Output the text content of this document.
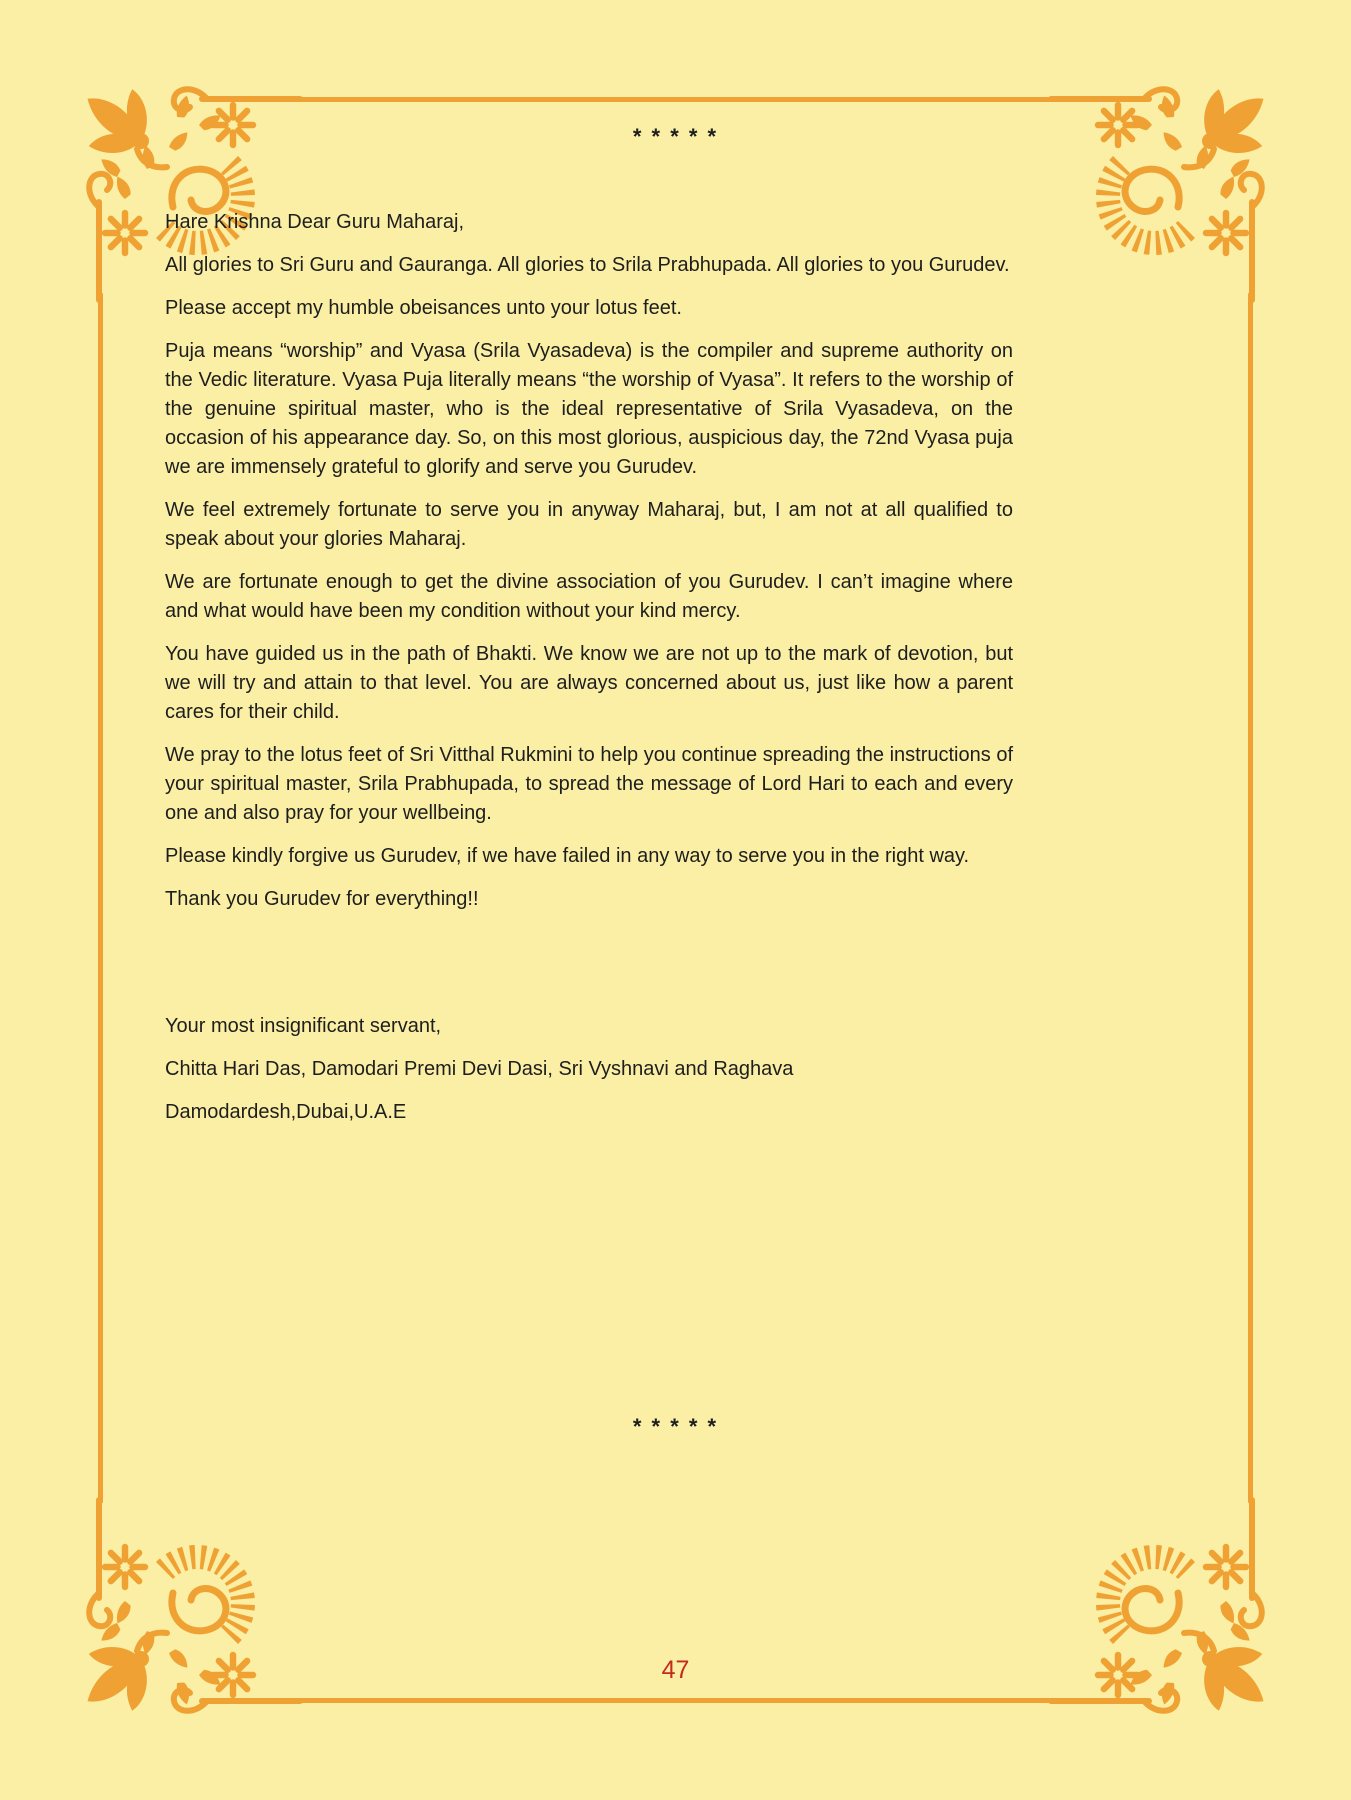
* * * * *

Hare Krishna Dear Guru Maharaj,

All glories to Sri Guru and Gauranga. All glories to Srila Prabhupada. All glories to you Gurudev.

Please accept my humble obeisances unto your lotus feet.

Puja means “worship” and Vyasa (Srila Vyasadeva) is the compiler and supreme authority on the Vedic literature. Vyasa Puja literally means “the worship of Vyasa”. It refers to the worship of the genuine spiritual master, who is the ideal representative of Srila Vyasadeva, on the occasion of his appearance day. So, on this most glorious, auspicious day, the 72nd Vyasa puja we are immensely grateful to glorify and serve you Gurudev.

We feel extremely fortunate to serve you in anyway Maharaj, but, I am not at all qualified to speak about your glories Maharaj.

We are fortunate enough to get the divine association of you Gurudev. I can’t imagine where and what would have been my condition without your kind mercy.

You have guided us in the path of Bhakti. We know we are not up to the mark of devotion, but we will try and attain to that level. You are always concerned about us, just like how a parent cares for their child.

We pray to the lotus feet of Sri Vitthal Rukmini to help you continue spreading the instructions of your spiritual master, Srila Prabhupada, to spread the message of Lord Hari to each and every one and also pray for your wellbeing.

Please kindly forgive us Gurudev, if we have failed in any way to serve you in the right way.

Thank you Gurudev for everything!!

Your most insignificant servant,

Chitta Hari Das, Damodari Premi Devi Dasi, Sri Vyshnavi and Raghava

Damodardesh,Dubai,U.A.E

* * * * *
47
